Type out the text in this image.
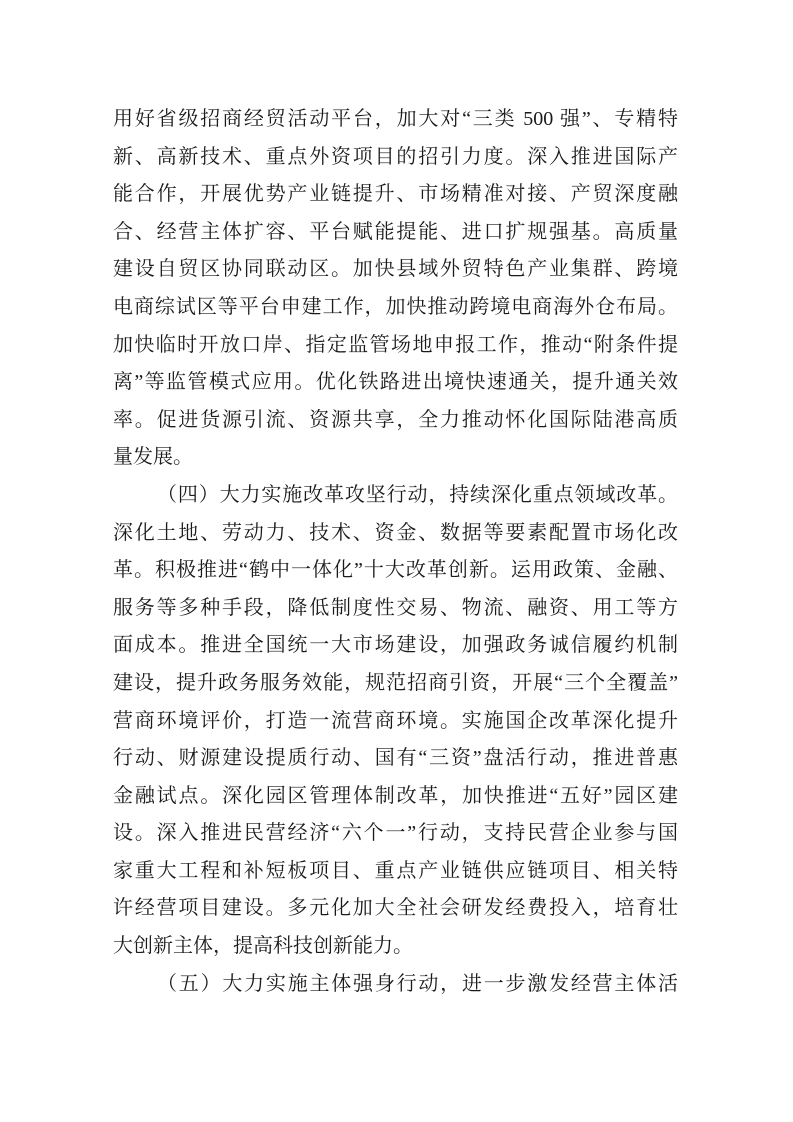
用好省级招商经贸活动平台，加大对“三类 500 强”、专精特
新、高新技术、重点外资项目的招引力度。深入推进国际产
能合作，开展优势产业链提升、市场精准对接、产贸深度融
合、经营主体扩容、平台赋能提能、进口扩规强基。高质量
建设自贸区协同联动区。加快县域外贸特色产业集群、跨境
电商综试区等平台申建工作，加快推动跨境电商海外仓布局。
加快临时开放口岸、指定监管场地申报工作，推动“附条件提
离”等监管模式应用。优化铁路进出境快速通关，提升通关效
率。促进货源引流、资源共享，全力推动怀化国际陆港高质
量发展。
（四）大力实施改革攻坚行动，持续深化重点领域改革。
深化土地、劳动力、技术、资金、数据等要素配置市场化改
革。积极推进“鹤中一体化”十大改革创新。运用政策、金融、
服务等多种手段，降低制度性交易、物流、融资、用工等方
面成本。推进全国统一大市场建设，加强政务诚信履约机制
建设，提升政务服务效能，规范招商引资，开展“三个全覆盖”
营商环境评价，打造一流营商环境。实施国企改革深化提升
行动、财源建设提质行动、国有“三资”盘活行动，推进普惠
金融试点。深化园区管理体制改革，加快推进“五好”园区建
设。深入推进民营经济“六个一”行动，支持民营企业参与国
家重大工程和补短板项目、重点产业链供应链项目、相关特
许经营项目建设。多元化加大全社会研发经费投入，培育壮
大创新主体，提高科技创新能力。
（五）大力实施主体强身行动，进一步激发经营主体活
